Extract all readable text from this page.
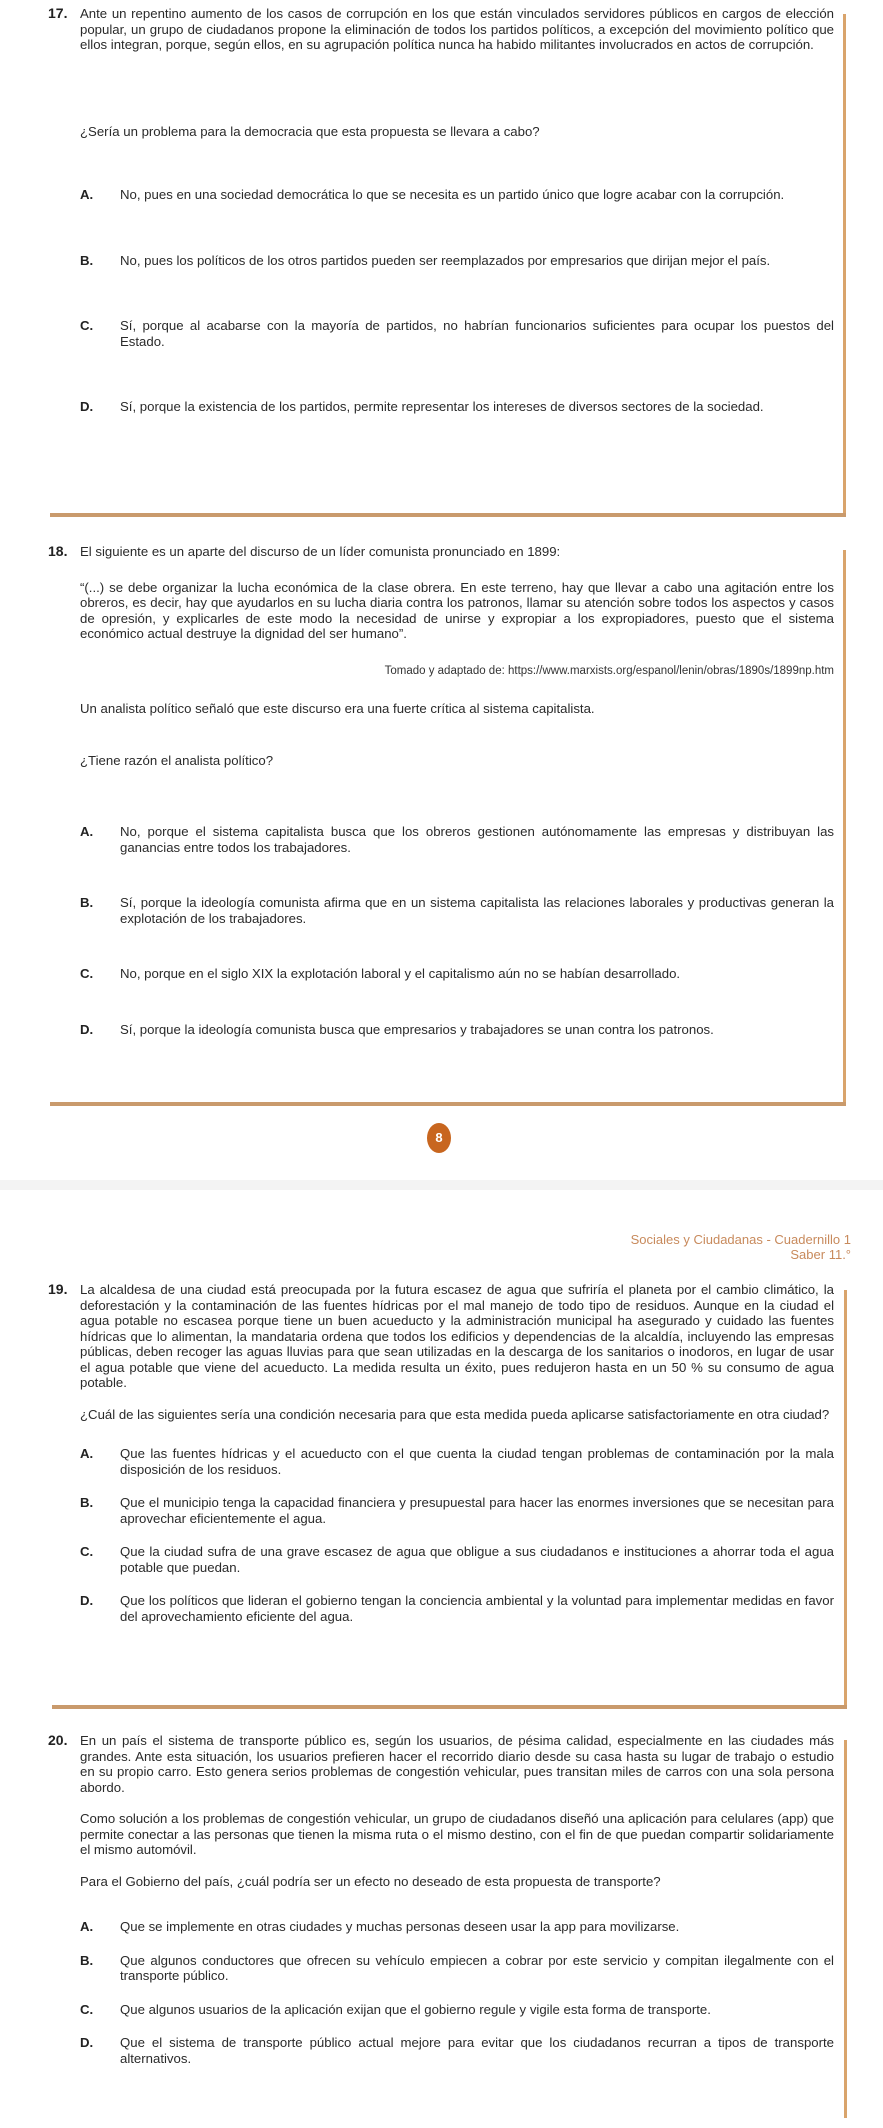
17. Ante un repentino aumento de los casos de corrupción en los que están vinculados servidores públicos en cargos de elección popular, un grupo de ciudadanos propone la eliminación de todos los partidos políticos, a excepción del movimiento político que ellos integran, porque, según ellos, en su agrupación política nunca ha habido militantes involucrados en actos de corrupción.
¿Sería un problema para la democracia que esta propuesta se llevara a cabo?
A. No, pues en una sociedad democrática lo que se necesita es un partido único que logre acabar con la corrupción.
B. No, pues los políticos de los otros partidos pueden ser reemplazados por empresarios que dirijan mejor el país.
C. Sí, porque al acabarse con la mayoría de partidos, no habrían funcionarios suficientes para ocupar los puestos del Estado.
D. Sí, porque la existencia de los partidos, permite representar los intereses de diversos sectores de la sociedad.
18. El siguiente es un aparte del discurso de un líder comunista pronunciado en 1899:
“(...) se debe organizar la lucha económica de la clase obrera. En este terreno, hay que llevar a cabo una agitación entre los obreros, es decir, hay que ayudarlos en su lucha diaria contra los patronos, llamar su atención sobre todos los aspectos y casos de opresión, y explicarles de este modo la necesidad de unirse y expropiar a los expropiadores, puesto que el sistema económico actual destruye la dignidad del ser humano”.
Tomado y adaptado de: https://www.marxists.org/espanol/lenin/obras/1890s/1899np.htm
Un analista político señaló que este discurso era una fuerte crítica al sistema capitalista.
¿Tiene razón el analista político?
A. No, porque el sistema capitalista busca que los obreros gestionen autónomamente las empresas y distribuyan las ganancias entre todos los trabajadores.
B. Sí, porque la ideología comunista afirma que en un sistema capitalista las relaciones laborales y productivas generan la explotación de los trabajadores.
C. No, porque en el siglo XIX la explotación laboral y el capitalismo aún no se habían desarrollado.
D. Sí, porque la ideología comunista busca que empresarios y trabajadores se unan contra los patronos.
8
Sociales y Ciudadanas - Cuadernillo 1
Saber 11.°
19. La alcaldesa de una ciudad está preocupada por la futura escasez de agua que sufriría el planeta por el cambio climático, la deforestación y la contaminación de las fuentes hídricas por el mal manejo de todo tipo de residuos. Aunque en la ciudad el agua potable no escasea porque tiene un buen acueducto y la administración municipal ha asegurado y cuidado las fuentes hídricas que lo alimentan, la mandataria ordena que todos los edificios y dependencias de la alcaldía, incluyendo las empresas públicas, deben recoger las aguas lluvias para que sean utilizadas en la descarga de los sanitarios o inodoros, en lugar de usar el agua potable que viene del acueducto. La medida resulta un éxito, pues redujeron hasta en un 50 % su consumo de agua potable.
¿Cuál de las siguientes sería una condición necesaria para que esta medida pueda aplicarse satisfactoriamente en otra ciudad?
A. Que las fuentes hídricas y el acueducto con el que cuenta la ciudad tengan problemas de contaminación por la mala disposición de los residuos.
B. Que el municipio tenga la capacidad financiera y presupuestal para hacer las enormes inversiones que se necesitan para aprovechar eficientemente el agua.
C. Que la ciudad sufra de una grave escasez de agua que obligue a sus ciudadanos e instituciones a ahorrar toda el agua potable que puedan.
D. Que los políticos que lideran el gobierno tengan la conciencia ambiental y la voluntad para implementar medidas en favor del aprovechamiento eficiente del agua.
20. En un país el sistema de transporte público es, según los usuarios, de pésima calidad, especialmente en las ciudades más grandes. Ante esta situación, los usuarios prefieren hacer el recorrido diario desde su casa hasta su lugar de trabajo o estudio en su propio carro. Esto genera serios problemas de congestión vehicular, pues transitan miles de carros con una sola persona abordo.
Como solución a los problemas de congestión vehicular, un grupo de ciudadanos diseñó una aplicación para celulares (app) que permite conectar a las personas que tienen la misma ruta o el mismo destino, con el fin de que puedan compartir solidariamente el mismo automóvil.
Para el Gobierno del país, ¿cuál podría ser un efecto no deseado de esta propuesta de transporte?
A. Que se implemente en otras ciudades y muchas personas deseen usar la app para movilizarse.
B. Que algunos conductores que ofrecen su vehículo empiecen a cobrar por este servicio y compitan ilegalmente con el transporte público.
C. Que algunos usuarios de la aplicación exijan que el gobierno regule y vigile esta forma de transporte.
D. Que el sistema de transporte público actual mejore para evitar que los ciudadanos recurran a tipos de transporte alternativos.
